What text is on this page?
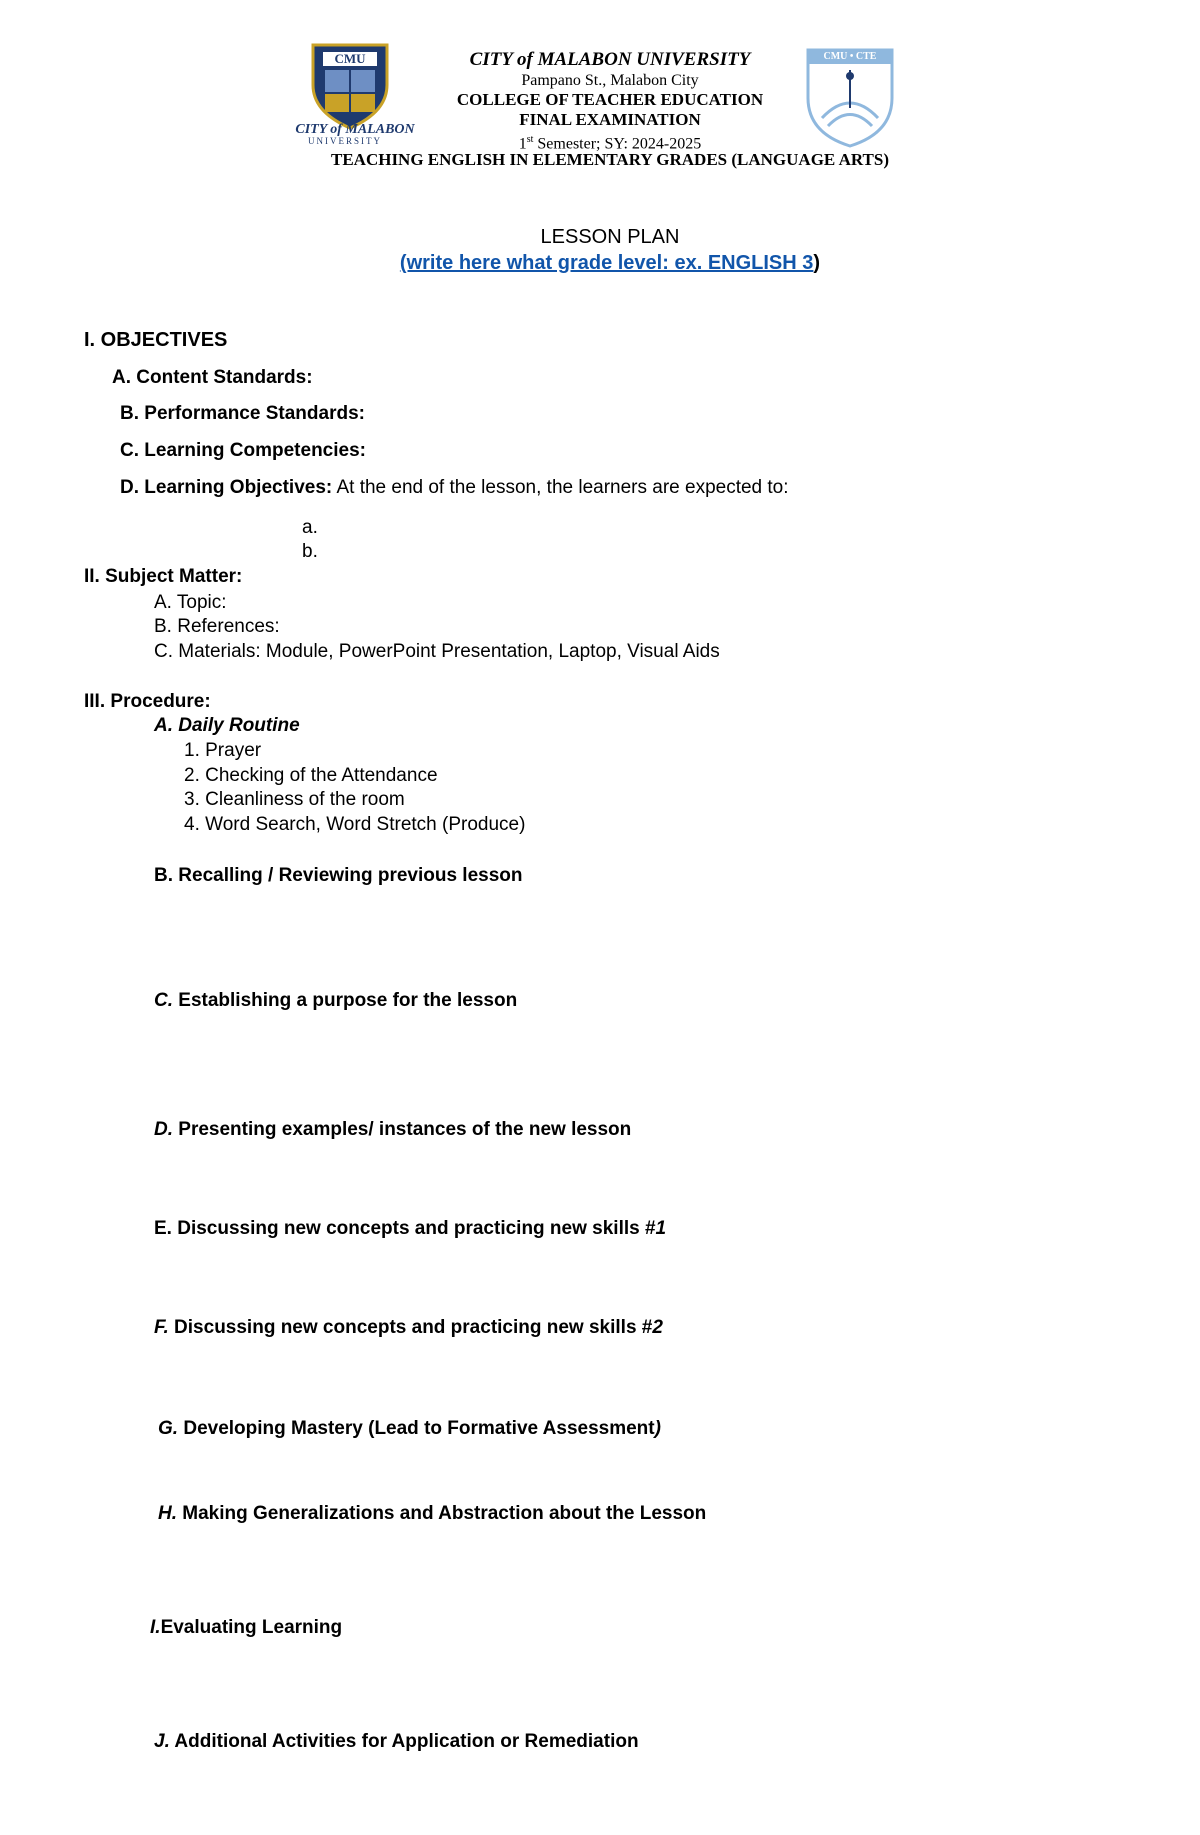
CMU
CITY of MALABON
UNIVERSITY
CMU • CTE
CITY of MALABON UNIVERSITY
Pampano St., Malabon City
COLLEGE OF TEACHER EDUCATION
FINAL EXAMINATION
1st Semester; SY: 2024-2025
TEACHING ENGLISH IN ELEMENTARY GRADES (LANGUAGE ARTS)
LESSON PLAN
(write here what grade level: ex. ENGLISH 3)
I. OBJECTIVES
A. Content Standards:
B. Performance Standards:
C. Learning Competencies:
D. Learning Objectives: At the end of the lesson, the learners are expected to:
a.
b.
II. Subject Matter:
A. Topic:
B. References:
C. Materials: Module, PowerPoint Presentation, Laptop, Visual Aids
III. Procedure:
A. Daily Routine
1. Prayer
2. Checking of the Attendance
3. Cleanliness of the room
4. Word Search, Word Stretch (Produce)
B. Recalling / Reviewing previous lesson
C. Establishing a purpose for the lesson
D. Presenting examples/ instances of the new lesson
E. Discussing new concepts and practicing new skills #1
F. Discussing new concepts and practicing new skills #2
G. Developing Mastery (Lead to Formative Assessment)
H. Making Generalizations and Abstraction about the Lesson
I.Evaluating Learning
J. Additional Activities for Application or Remediation
